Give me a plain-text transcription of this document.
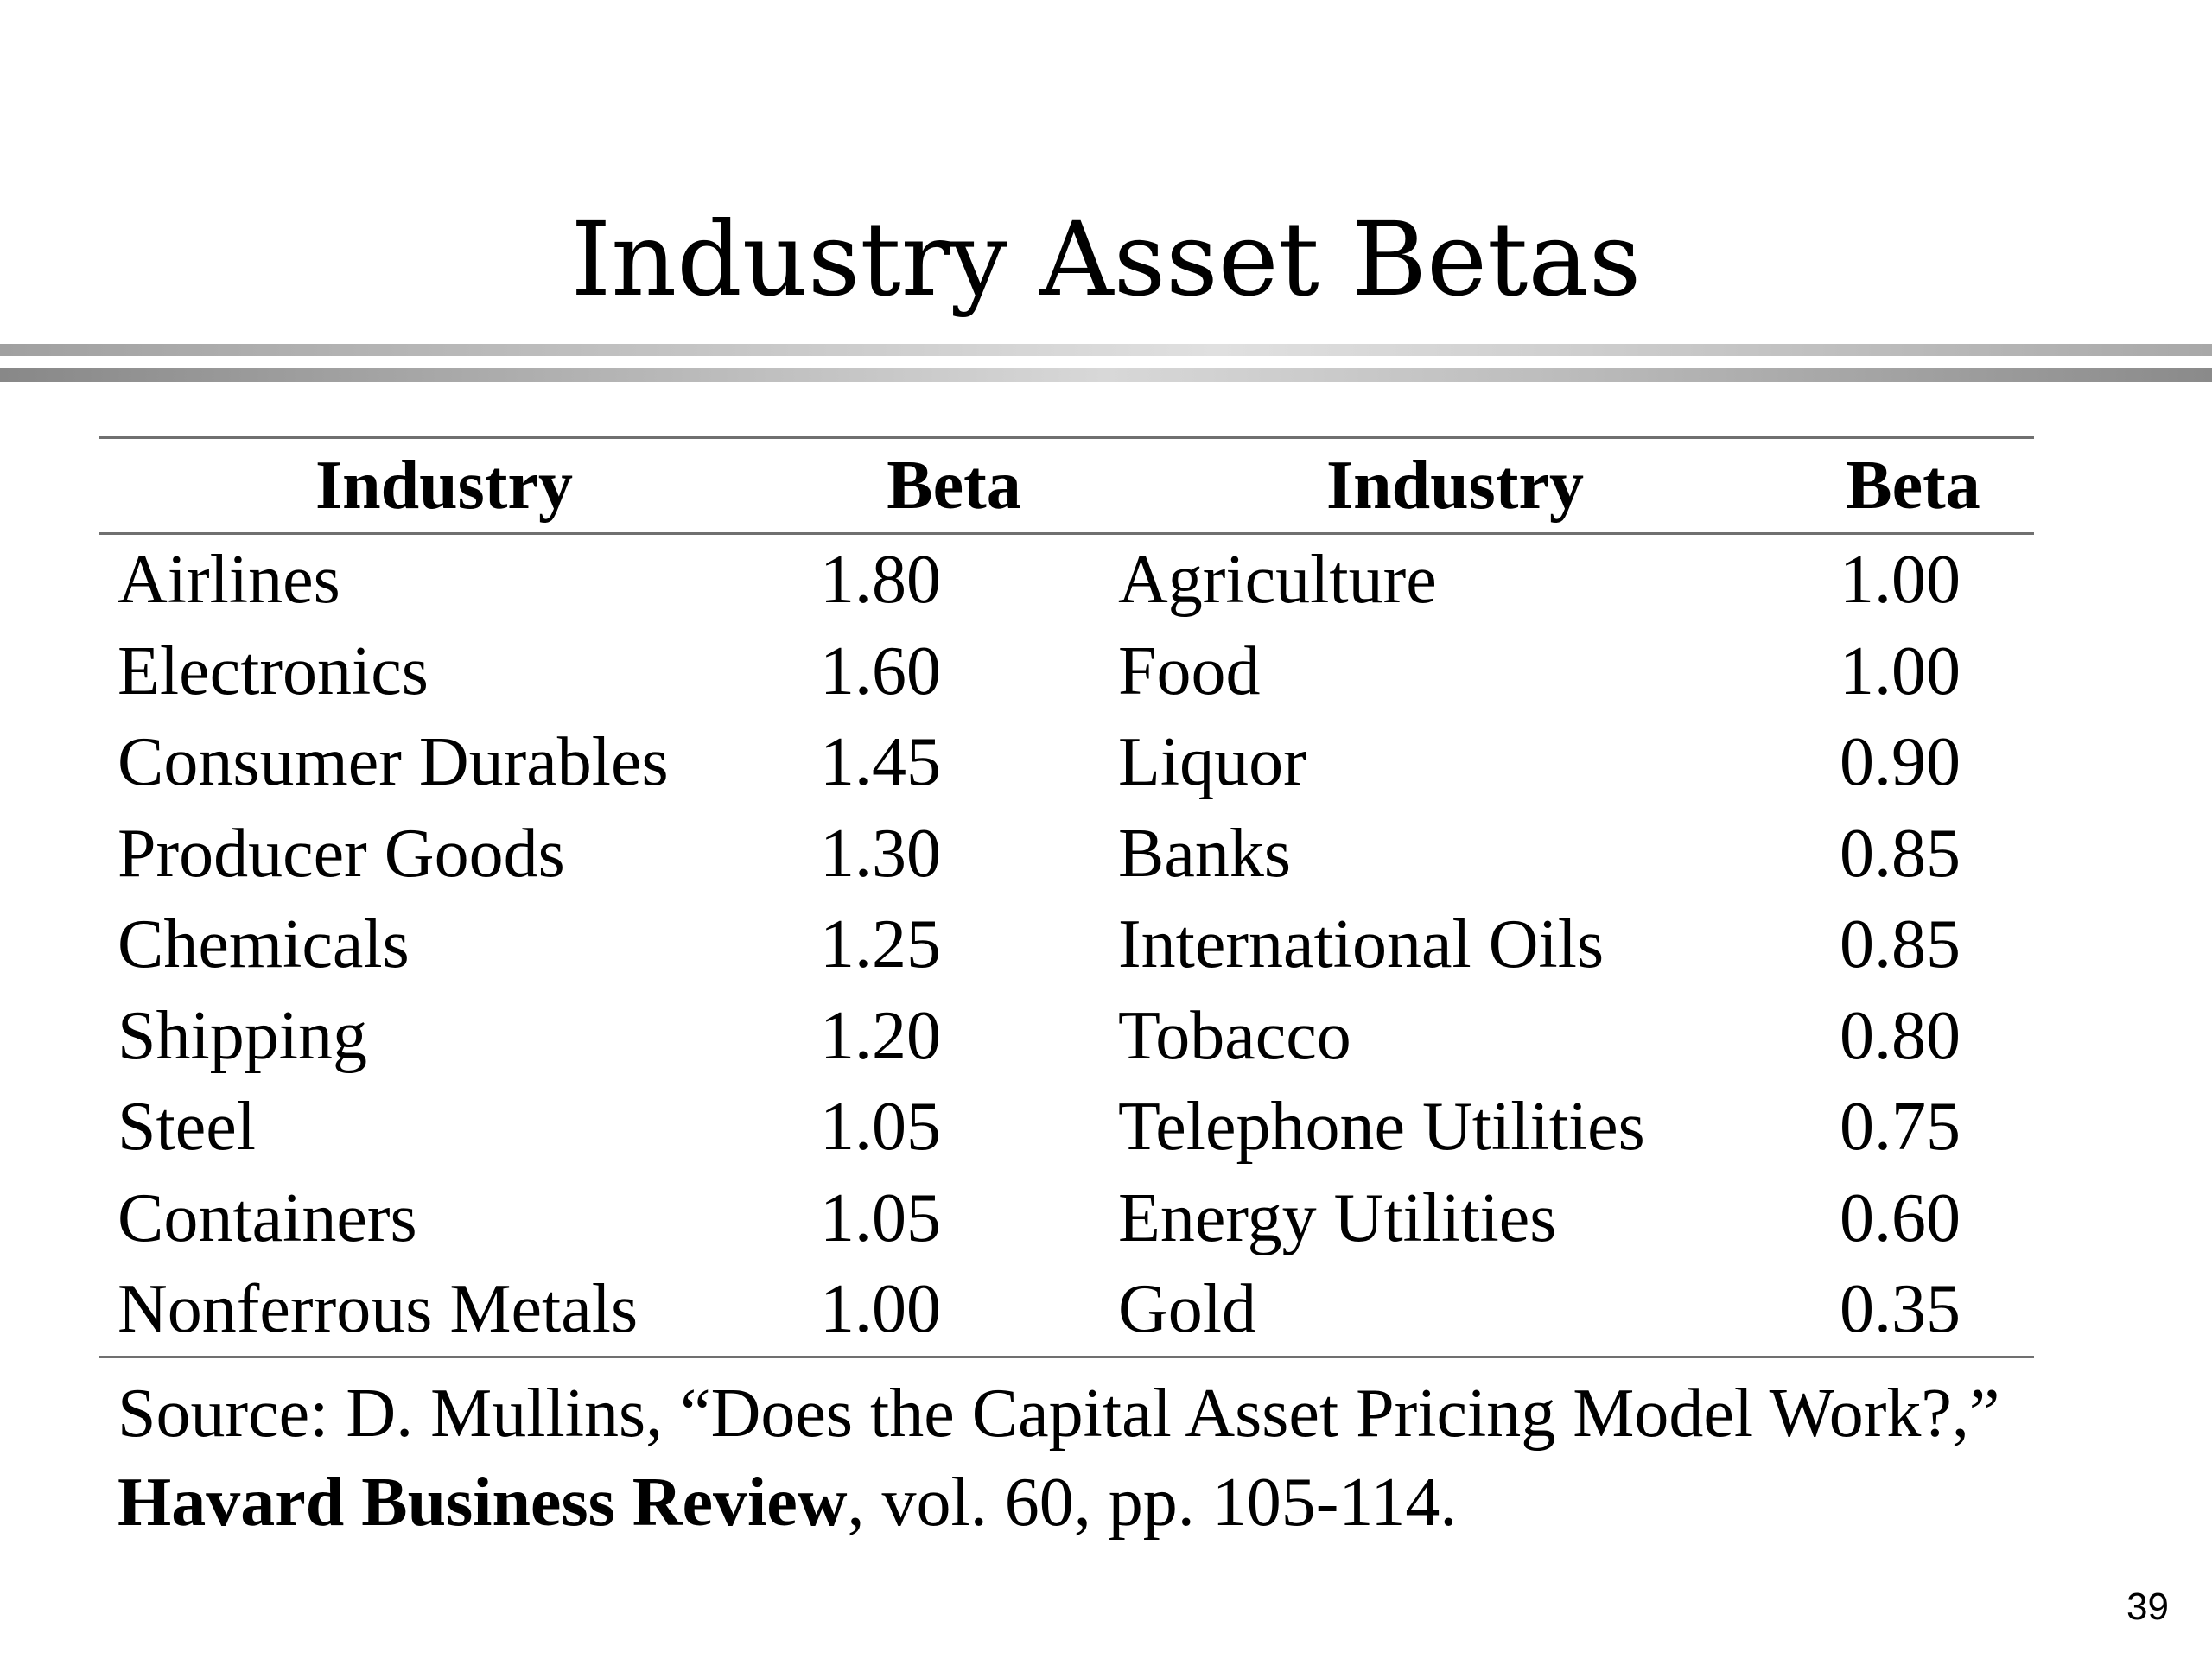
Industry Asset Betas
Industry	Beta	Industry	Beta
Airlines	1.80	Agriculture	1.00
Electronics	1.60	Food	1.00
Consumer Durables	1.45	Liquor	0.90
Producer Goods	1.30	Banks	0.85
Chemicals	1.25	International Oils	0.85
Shipping	1.20	Tobacco	0.80
Steel	1.05	Telephone Utilities	0.75
Containers	1.05	Energy Utilities	0.60
Nonferrous Metals	1.00	Gold	0.35

Source: D. Mullins, “Does the Capital Asset Pricing Model Work?,” Havard Business Review, vol. 60, pp. 105-114.

39
